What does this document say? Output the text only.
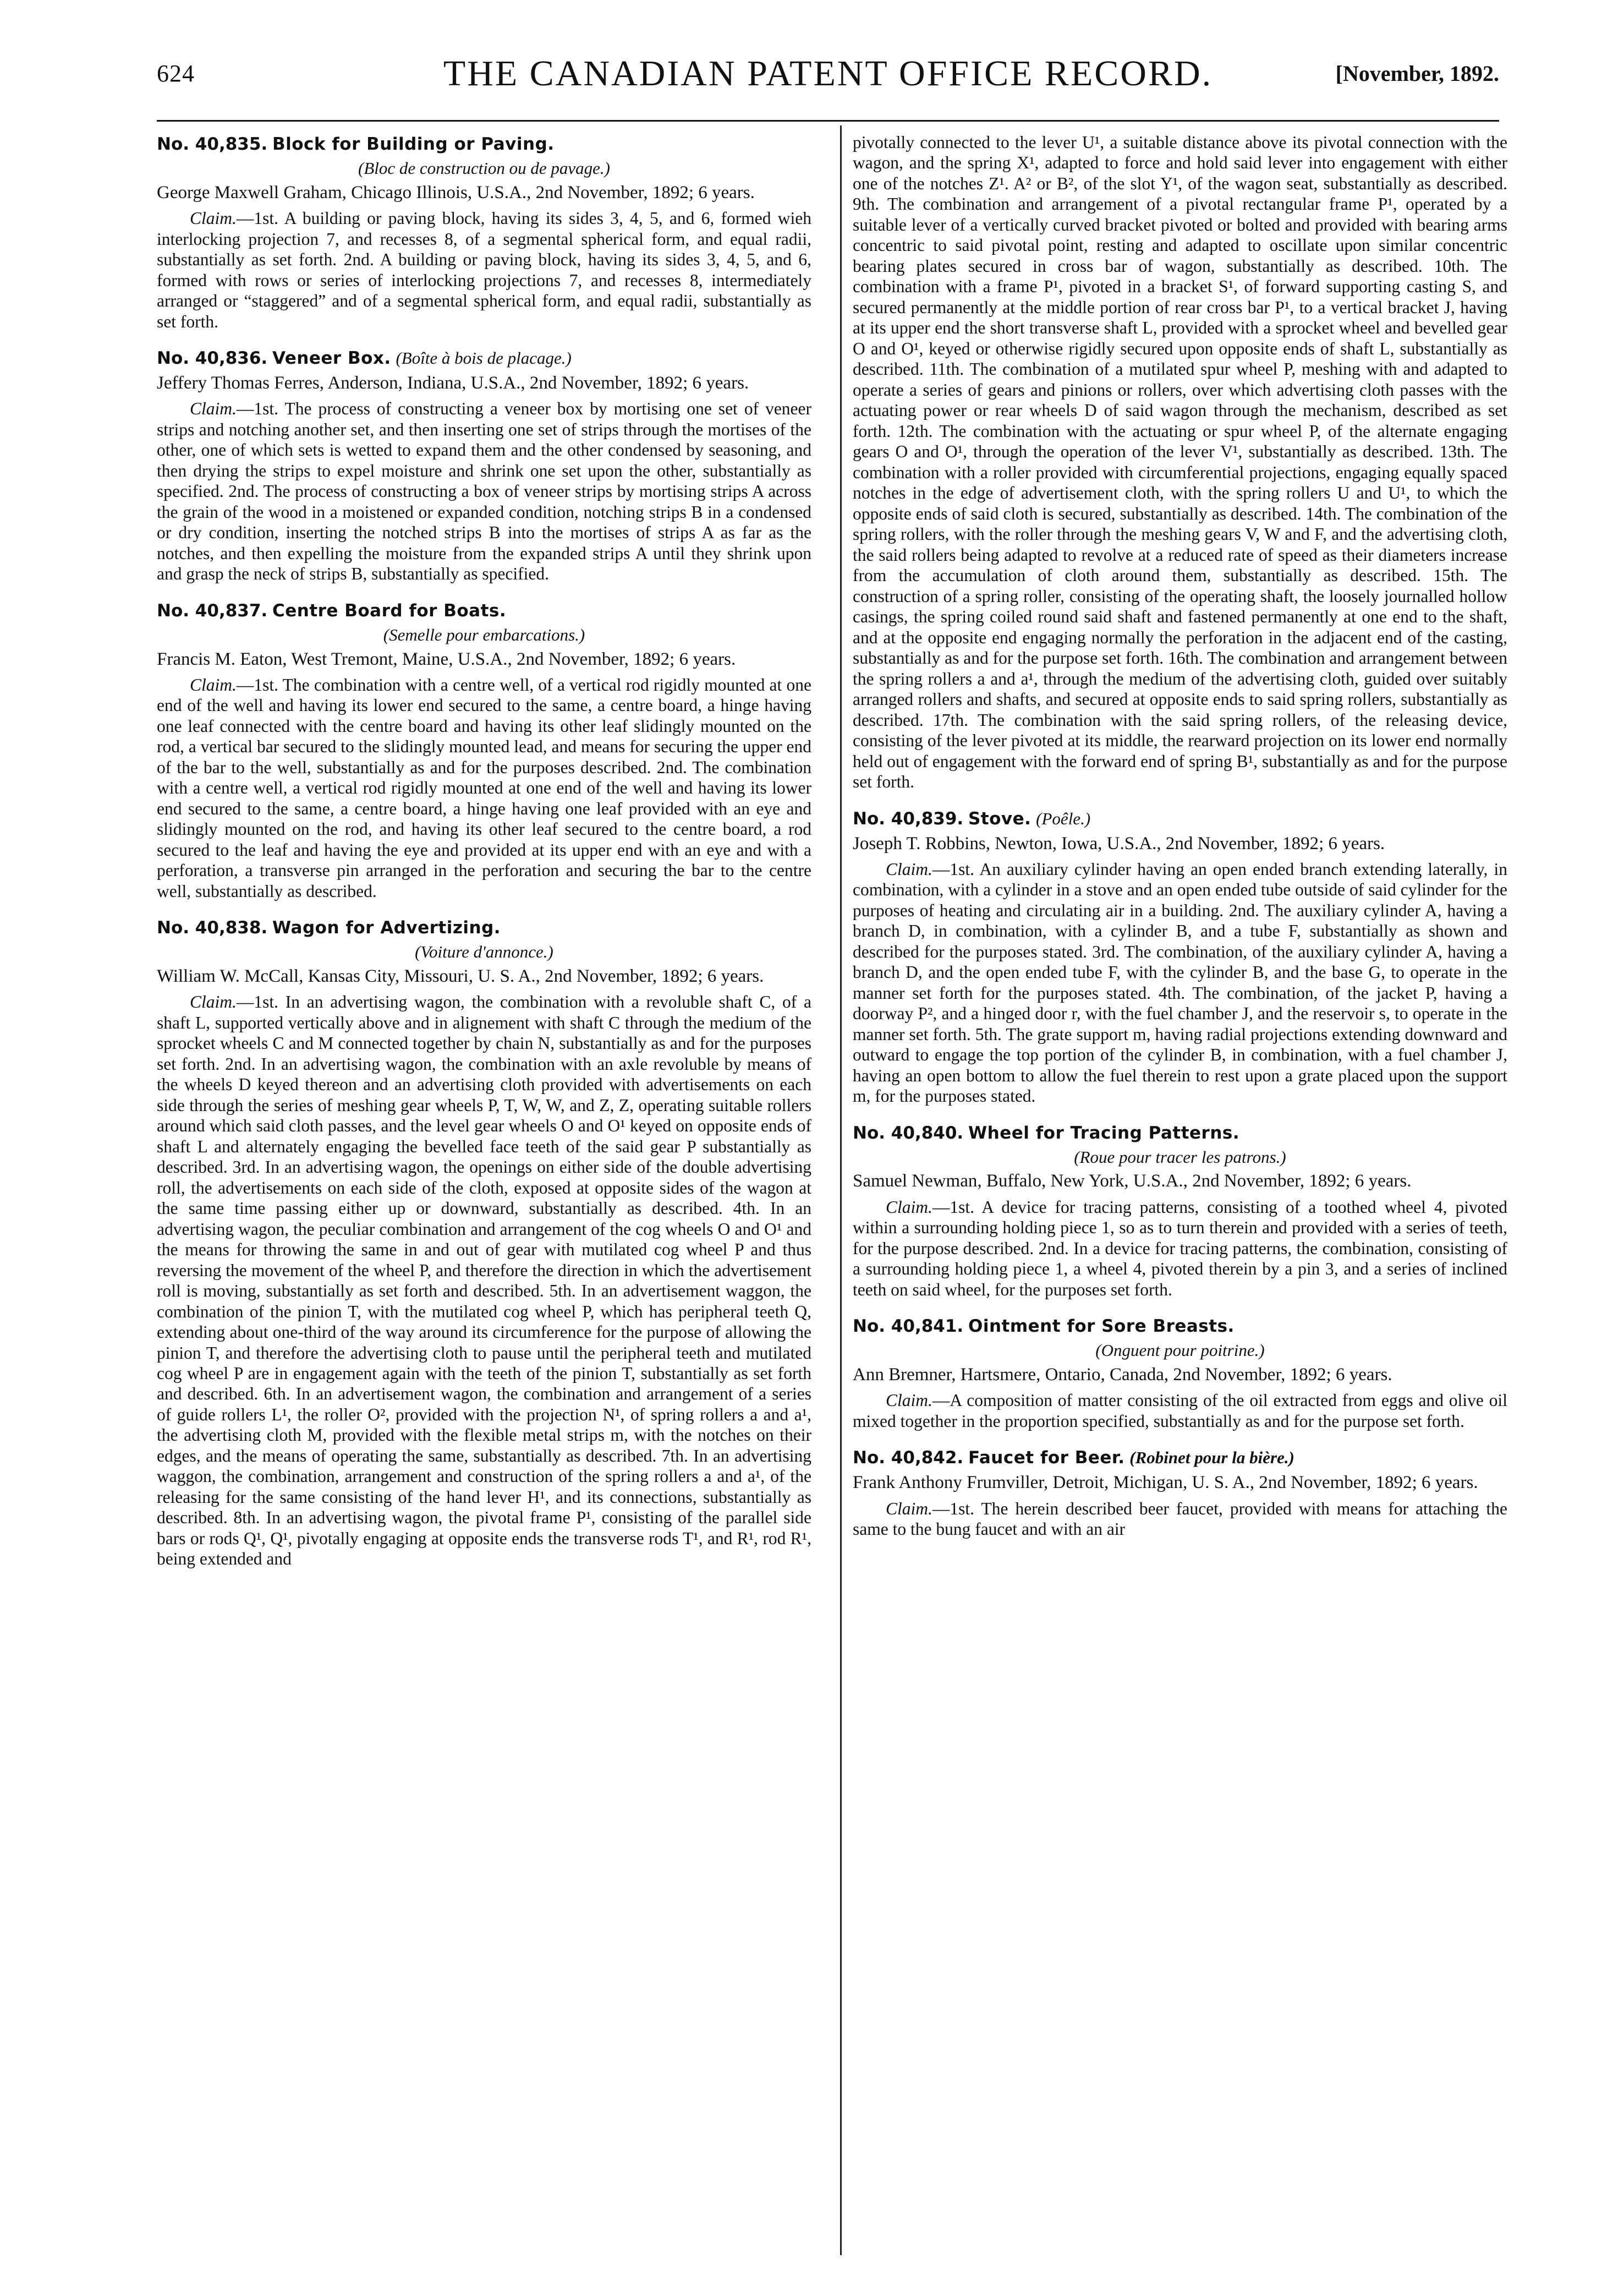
624	THE CANADIAN PATENT OFFICE RECORD.	[November, 1892.

No. 40,835. Block for Building or Paving.

(Bloc de construction ou de pavage.)

George Maxwell Graham, Chicago Illinois, U.S.A., 2nd November, 1892; 6 years.

Claim.—1st. A building or paving block, having its sides 3, 4, 5, and 6, formed wieh interlocking projection 7, and recesses 8, of a segmental spherical form, and equal radii, substantially as set forth. 2nd. A building or paving block, having its sides 3, 4, 5, and 6, formed with rows or series of interlocking projections 7, and recesses 8, intermediately arranged or “staggered” and of a segmental spherical form, and equal radii, substantially as set forth.

No. 40,836. Veneer Box. (Boîte à bois de placage.)

Jeffery Thomas Ferres, Anderson, Indiana, U.S.A., 2nd November, 1892; 6 years.

Claim.—1st. The process of constructing a veneer box by mortising one set of veneer strips and notching another set, and then inserting one set of strips through the mortises of the other, one of which sets is wetted to expand them and the other condensed by seasoning, and then drying the strips to expel moisture and shrink one set upon the other, substantially as specified. 2nd. The process of constructing a box of veneer strips by mortising strips A across the grain of the wood in a moistened or expanded condition, notching strips B in a condensed or dry condition, inserting the notched strips B into the mortises of strips A as far as the notches, and then expelling the moisture from the expanded strips A until they shrink upon and grasp the neck of strips B, substantially as specified.

No. 40,837. Centre Board for Boats.

(Semelle pour embarcations.)

Francis M. Eaton, West Tremont, Maine, U.S.A., 2nd November, 1892; 6 years.

Claim.—1st. The combination with a centre well, of a vertical rod rigidly mounted at one end of the well and having its lower end secured to the same, a centre board, a hinge having one leaf connected with the centre board and having its other leaf slidingly mounted on the rod, a vertical bar secured to the slidingly mounted lead, and means for securing the upper end of the bar to the well, substantially as and for the purposes described. 2nd. The combination with a centre well, a vertical rod rigidly mounted at one end of the well and having its lower end secured to the same, a centre board, a hinge having one leaf provided with an eye and slidingly mounted on the rod, and having its other leaf secured to the centre board, a rod secured to the leaf and having the eye and provided at its upper end with an eye and with a perforation, a transverse pin arranged in the perforation and securing the bar to the centre well, substantially as described.

No. 40,838. Wagon for Advertizing.

(Voiture d'annonce.)

William W. McCall, Kansas City, Missouri, U. S. A., 2nd November, 1892; 6 years.

Claim.—1st. In an advertising wagon, the combination with a revoluble shaft C, of a shaft L, supported vertically above and in alignement with shaft C through the medium of the sprocket wheels C and M connected together by chain N, substantially as and for the purposes set forth. 2nd. In an advertising wagon, the combination with an axle revoluble by means of the wheels D keyed thereon and an advertising cloth provided with advertisements on each side through the series of meshing gear wheels P, T, W, W, and Z, Z, operating suitable rollers around which said cloth passes, and the level gear wheels O and O¹ keyed on opposite ends of shaft L and alternately engaging the bevelled face teeth of the said gear P substantially as described. 3rd. In an advertising wagon, the openings on either side of the double advertising roll, the advertisements on each side of the cloth, exposed at opposite sides of the wagon at the same time passing either up or downward, substantially as described. 4th. In an advertising wagon, the peculiar combination and arrangement of the cog wheels O and O¹ and the means for throwing the same in and out of gear with mutilated cog wheel P and thus reversing the movement of the wheel P, and therefore the direction in which the advertisement roll is moving, substantially as set forth and described. 5th. In an advertisement waggon, the combination of the pinion T, with the mutilated cog wheel P, which has peripheral teeth Q, extending about one-third of the way around its circumference for the purpose of allowing the pinion T, and therefore the advertising cloth to pause until the peripheral teeth and mutilated cog wheel P are in engagement again with the teeth of the pinion T, substantially as set forth and described. 6th. In an advertisement wagon, the combination and arrangement of a series of guide rollers L¹, the roller O², provided with the projection N¹, of spring rollers a and a¹, the advertising cloth M, provided with the flexible metal strips m, with the notches on their edges, and the means of operating the same, substantially as described. 7th. In an advertising waggon, the combination, arrangement and construction of the spring rollers a and a¹, of the releasing for the same consisting of the hand lever H¹, and its connections, substantially as described. 8th. In an advertising wagon, the pivotal frame P¹, consisting of the parallel side bars or rods Q¹, Q¹, pivotally engaging at opposite ends the transverse rods T¹, and R¹, rod R¹, being extended and

pivotally connected to the lever U¹, a suitable distance above its pivotal connection with the wagon, and the spring X¹, adapted to force and hold said lever into engagement with either one of the notches Z¹. A² or B², of the slot Y¹, of the wagon seat, substantially as described. 9th. The combination and arrangement of a pivotal rectangular frame P¹, operated by a suitable lever of a vertically curved bracket pivoted or bolted and provided with bearing arms concentric to said pivotal point, resting and adapted to oscillate upon similar concentric bearing plates secured in cross bar of wagon, substantially as described. 10th. The combination with a frame P¹, pivoted in a bracket S¹, of forward supporting casting S, and secured permanently at the middle portion of rear cross bar P¹, to a vertical bracket J, having at its upper end the short transverse shaft L, provided with a sprocket wheel and bevelled gear O and O¹, keyed or otherwise rigidly secured upon opposite ends of shaft L, substantially as described. 11th. The combination of a mutilated spur wheel P, meshing with and adapted to operate a series of gears and pinions or rollers, over which advertising cloth passes with the actuating power or rear wheels D of said wagon through the mechanism, described as set forth. 12th. The combination with the actuating or spur wheel P, of the alternate engaging gears O and O¹, through the operation of the lever V¹, substantially as described. 13th. The combination with a roller provided with circumferential projections, engaging equally spaced notches in the edge of advertisement cloth, with the spring rollers U and U¹, to which the opposite ends of said cloth is secured, substantially as described. 14th. The combination of the spring rollers, with the roller through the meshing gears V, W and F, and the advertising cloth, the said rollers being adapted to revolve at a reduced rate of speed as their diameters increase from the accumulation of cloth around them, substantially as described. 15th. The construction of a spring roller, consisting of the operating shaft, the loosely journalled hollow casings, the spring coiled round said shaft and fastened permanently at one end to the shaft, and at the opposite end engaging normally the perforation in the adjacent end of the casting, substantially as and for the purpose set forth. 16th. The combination and arrangement between the spring rollers a and a¹, through the medium of the advertising cloth, guided over suitably arranged rollers and shafts, and secured at opposite ends to said spring rollers, substantially as described. 17th. The combination with the said spring rollers, of the releasing device, consisting of the lever pivoted at its middle, the rearward projection on its lower end normally held out of engagement with the forward end of spring B¹, substantially as and for the purpose set forth.

No. 40,839. Stove. (Poêle.)

Joseph T. Robbins, Newton, Iowa, U.S.A., 2nd November, 1892; 6 years.

Claim.—1st. An auxiliary cylinder having an open ended branch extending laterally, in combination, with a cylinder in a stove and an open ended tube outside of said cylinder for the purposes of heating and circulating air in a building. 2nd. The auxiliary cylinder A, having a branch D, in combination, with a cylinder B, and a tube F, substantially as shown and described for the purposes stated. 3rd. The combination, of the auxiliary cylinder A, having a branch D, and the open ended tube F, with the cylinder B, and the base G, to operate in the manner set forth for the purposes stated. 4th. The combination, of the jacket P, having a doorway P², and a hinged door r, with the fuel chamber J, and the reservoir s, to operate in the manner set forth. 5th. The grate support m, having radial projections extending downward and outward to engage the top portion of the cylinder B, in combination, with a fuel chamber J, having an open bottom to allow the fuel therein to rest upon a grate placed upon the support m, for the purposes stated.

No. 40,840. Wheel for Tracing Patterns.

(Roue pour tracer les patrons.)

Samuel Newman, Buffalo, New York, U.S.A., 2nd November, 1892; 6 years.

Claim.—1st. A device for tracing patterns, consisting of a toothed wheel 4, pivoted within a surrounding holding piece 1, so as to turn therein and provided with a series of teeth, for the purpose described. 2nd. In a device for tracing patterns, the combination, consisting of a surrounding holding piece 1, a wheel 4, pivoted therein by a pin 3, and a series of inclined teeth on said wheel, for the purposes set forth.

No. 40,841. Ointment for Sore Breasts.

(Onguent pour poitrine.)

Ann Bremner, Hartsmere, Ontario, Canada, 2nd November, 1892; 6 years.

Claim.—A composition of matter consisting of the oil extracted from eggs and olive oil mixed together in the proportion specified, substantially as and for the purpose set forth.

No. 40,842. Faucet for Beer. (Robinet pour la bière.)

Frank Anthony Frumviller, Detroit, Michigan, U. S. A., 2nd November, 1892; 6 years.

Claim.—1st. The herein described beer faucet, provided with means for attaching the same to the bung faucet and with an air
